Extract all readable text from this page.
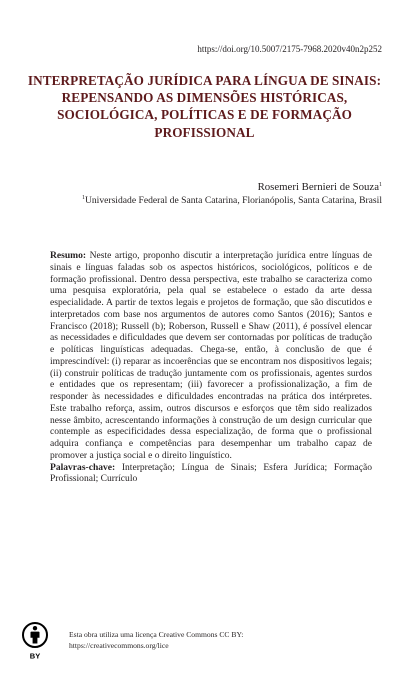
https://doi.org/10.5007/2175-7968.2020v40n2p252
INTERPRETAÇÃO JURÍDICA PARA LÍNGUA DE SINAIS: REPENSANDO AS DIMENSÕES HISTÓRICAS, SOCIOLÓGICA, POLÍTICAS E DE FORMAÇÃO PROFISSIONAL
Rosemeri Bernieri de Souza$^1$
$^1$Universidade Federal de Santa Catarina, Florianópolis, Santa Catarina, Brasil

Resumo: Neste artigo, proponho discutir a interpretação jurídica entre línguas de sinais e línguas faladas sob os aspectos históricos, sociológicos, políticos e de formação profissional. Dentro dessa perspectiva, este trabalho se caracteriza como uma pesquisa exploratória, pela qual se estabelece o estado da arte dessa especialidade. A partir de textos legais e projetos de formação, que são discutidos e interpretados com base nos argumentos de autores como Santos (2016); Santos e Francisco (2018); Russell (b); Roberson, Russell e Shaw (2011), é possível elencar as necessidades e dificuldades que devem ser contornadas por políticas de tradução e políticas linguísticas adequadas. Chega-se, então, à conclusão de que é imprescindível: (i) reparar as incoerências que se encontram nos dispositivos legais; (ii) construir políticas de tradução juntamente com os profissionais, agentes surdos e entidades que os representam; (iii) favorecer a profissionalização, a fim de responder às necessidades e dificuldades encontradas na prática dos intérpretes. Este trabalho reforça, assim, outros discursos e esforços que têm sido realizados nesse âmbito, acrescentando informações à construção de um design curricular que contemple as especificidades dessa especialização, de forma que o profissional adquira confiança e competências para desempenhar um trabalho capaz de promover a justiça social e o direito linguístico.

Palavras-chave: Interpretação; Língua de Sinais; Esfera Jurídica; Formação Profissional; Currículo

BY
Esta obra utiliza uma licença Creative Commons CC BY:
https://creativecommons.org/lice
